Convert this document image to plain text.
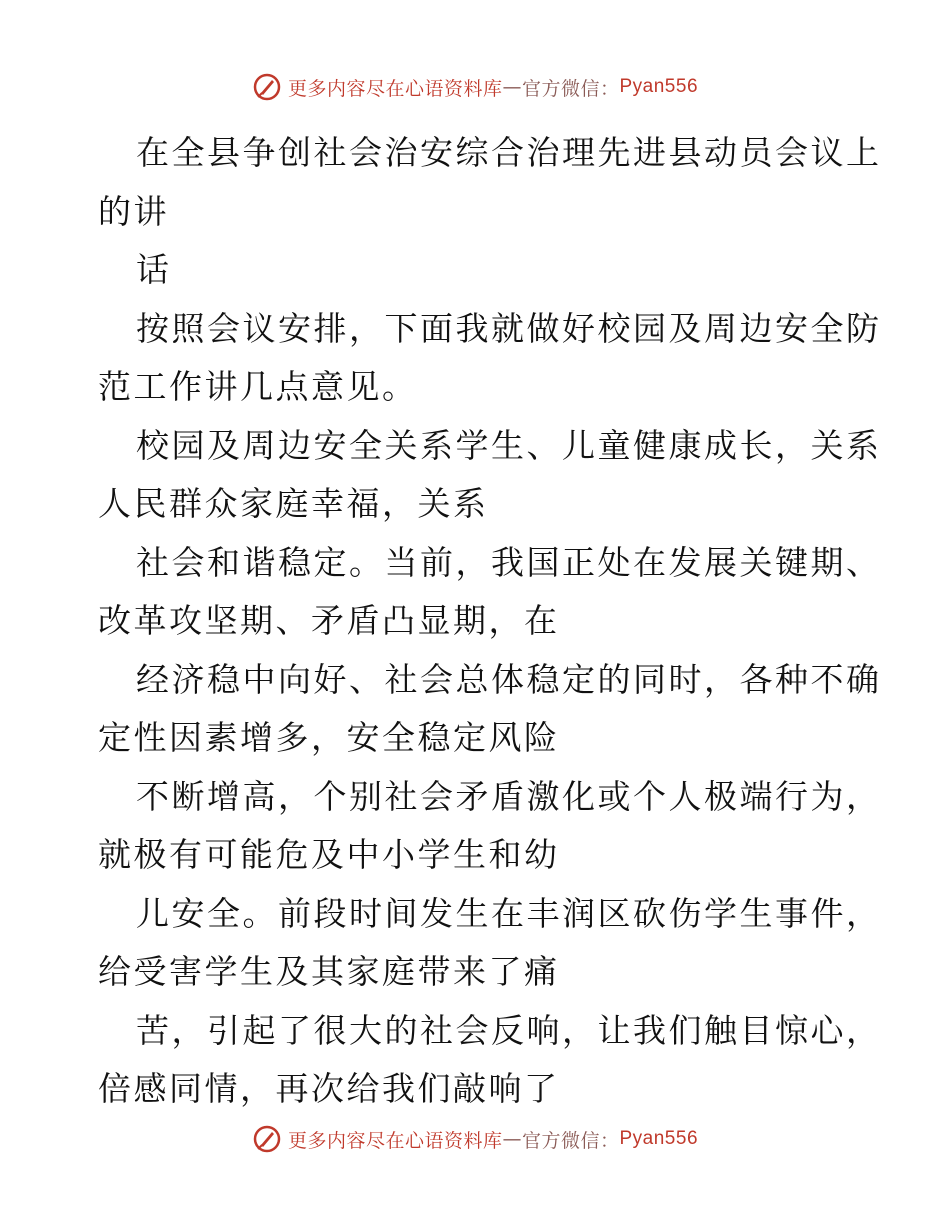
更多内容尽在心语资料库 — 官方微信： Pyan556
在全县争创社会治安综合治理先进县动员会议上
的讲
话
按照会议安排，下面我就做好校园及周边安全防
范工作讲几点意见。
校园及周边安全关系学生、儿童健康成长，关系
人民群众家庭幸福，关系
社会和谐稳定。当前，我国正处在发展关键期、
改革攻坚期、矛盾凸显期，在
经济稳中向好、社会总体稳定的同时，各种不确
定性因素增多，安全稳定风险
不断增高，个别社会矛盾激化或个人极端行为，
就极有可能危及中小学生和幼
儿安全。前段时间发生在丰润区砍伤学生事件，
给受害学生及其家庭带来了痛
苦，引起了很大的社会反响，让我们触目惊心，
倍感同情，再次给我们敲响了
更多内容尽在心语资料库 — 官方微信： Pyan556
